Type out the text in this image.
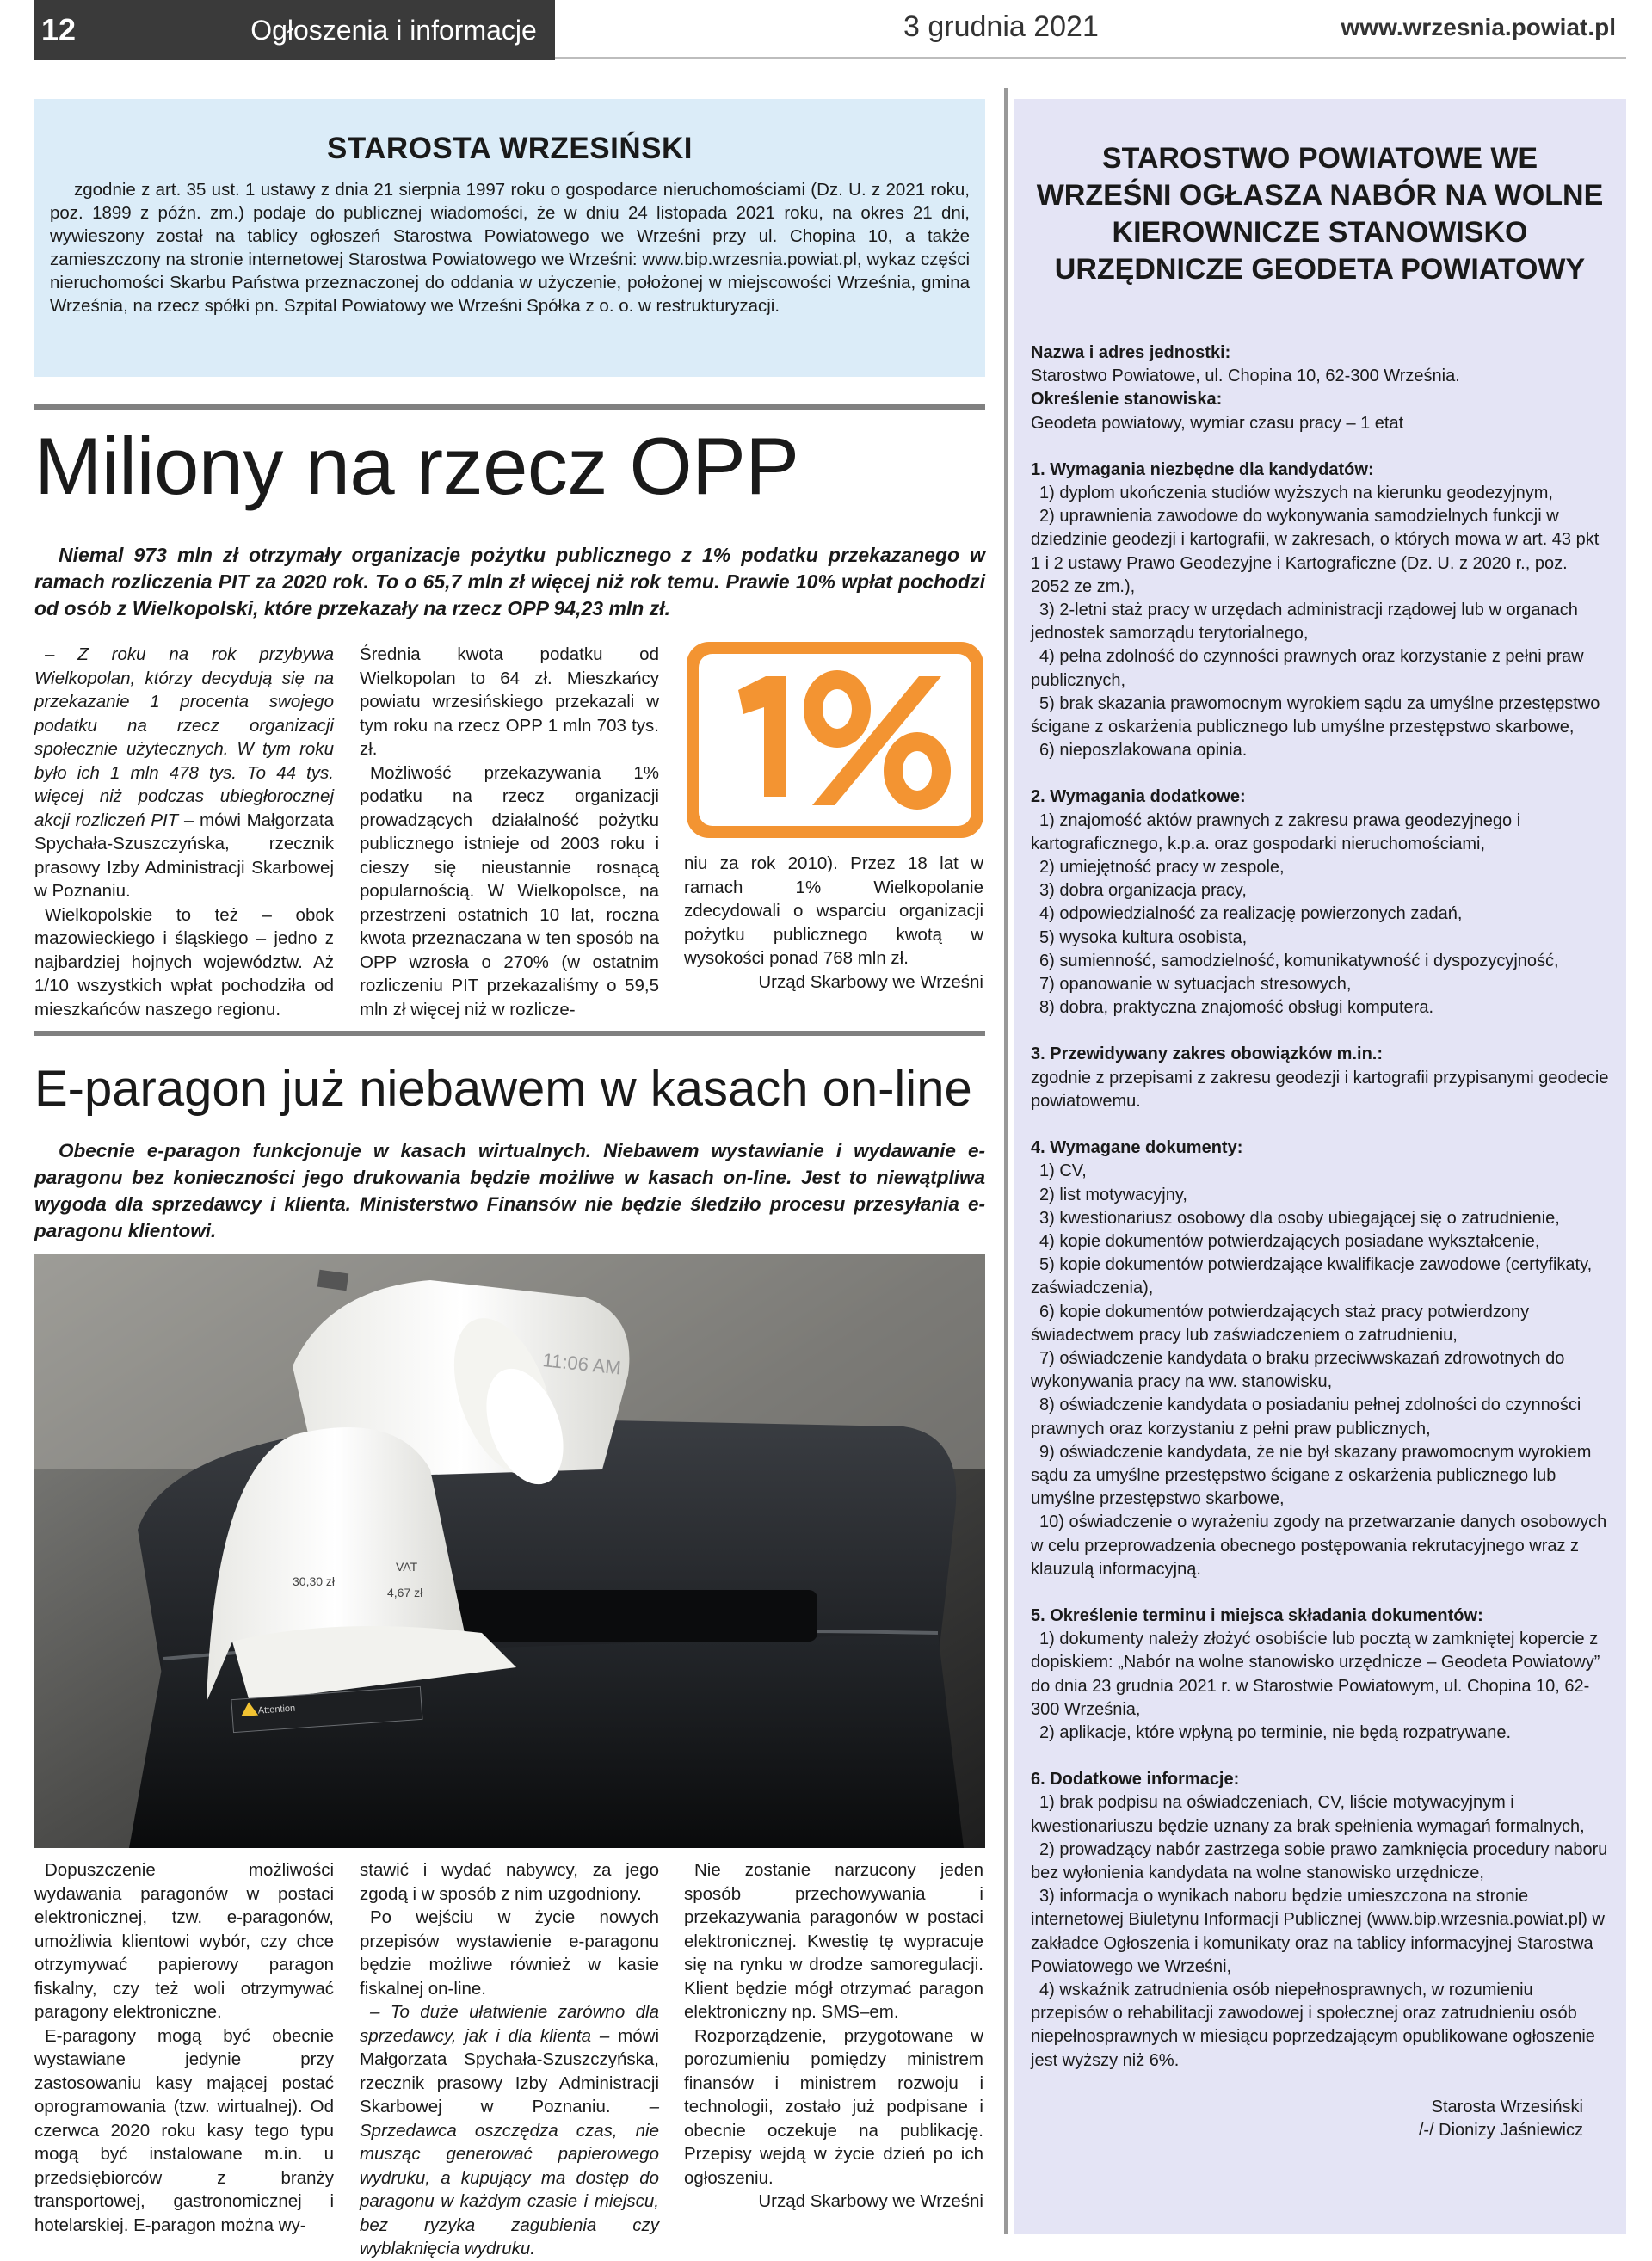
12	Ogłoszenia i informacje	3 grudnia 2021	www.wrzesnia.powiat.pl
STAROSTA WRZESIŃSKI

zgodnie z art. 35 ust. 1 ustawy z dnia 21 sierpnia 1997 roku o gospodarce nieruchomościami (Dz. U. z 2021 roku, poz. 1899 z późn. zm.) podaje do publicznej wiadomości, że w dniu 24 listopada 2021 roku, na okres 21 dni, wywieszony został na tablicy ogłoszeń Starostwa Powiatowego we Wrześni przy ul. Chopina 10, a także zamieszczony na stronie internetowej Starostwa Powiatowego we Wrześni: www.bip.wrzesnia.powiat.pl, wykaz części nieruchomości Skarbu Państwa przeznaczonej do oddania w użyczenie, położonej w miejscowości Września, gmina Września, na rzecz spółki pn. Szpital Powiatowy we Wrześni Spółka z o. o. w restrukturyzacji.

Miliony na rzecz OPP
Niemal 973 mln zł otrzymały organizacje pożytku publicznego z 1% podatku przekazanego w ramach rozliczenia PIT za 2020 rok. To o 65,7 mln zł więcej niż rok temu. Prawie 10% wpłat pochodzi od osób z Wielkopolski, które przekazały na rzecz OPP 94,23 mln zł.

– Z roku na rok przybywa Wielkopolan, którzy decydują się na przekazanie 1 procenta swojego podatku na rzecz organizacji społecznie użytecznych. W tym roku było ich 1 mln 478 tys. To 44 tys. więcej niż podczas ubiegłorocznej akcji rozliczeń PIT – mówi Małgorzata Spychała-Szuszczyńska, rzecznik prasowy Izby Administracji Skarbowej w Poznaniu.

Wielkopolskie to też – obok mazowieckiego i śląskiego – jedno z najbardziej hojnych województw. Aż 1/10 wszystkich wpłat pochodziła od mieszkańców naszego regionu.

Średnia kwota podatku od Wielkopolan to 64 zł. Mieszkańcy powiatu wrzesińskiego przekazali w tym roku na rzecz OPP 1 mln 703 tys. zł.

Możliwość przekazywania 1% podatku na rzecz organizacji prowadzących działalność pożytku publicznego istnieje od 2003 roku i cieszy się nieustannie rosnącą popularnością. W Wielkopolsce, na przestrzeni ostatnich 10 lat, roczna kwota przeznaczana w ten sposób na OPP wzrosła o 270% (w ostatnim rozliczeniu PIT przekazaliśmy o 59,5 mln zł więcej niż w rozlicze-

niu za rok 2010). Przez 18 lat w ramach 1% Wielkopolanie zdecydowali o wsparciu organizacji pożytku publicznego kwotą w wysokości ponad 768 mln zł.

Urząd Skarbowy we Wrześni

E-paragon już niebawem w kasach on-line
Obecnie e-paragon funkcjonuje w kasach wirtualnych. Niebawem wystawianie i wydawanie e-paragonu bez konieczności jego drukowania będzie możliwe w kasach on-line. Jest to niewątpliwa wygoda dla sprzedawcy i klienta. Ministerstwo Finansów nie będzie śledziło procesu przesyłania e-paragonu klientowi.
11:06 AM
30,30 zł
VAT
4,67 zł
Attention

Dopuszczenie możliwości wydawania paragonów w postaci elektronicznej, tzw. e-paragonów, umożliwia klientowi wybór, czy chce otrzymywać papierowy paragon fiskalny, czy też woli otrzymywać paragony elektroniczne.

E-paragony mogą być obecnie wystawiane jedynie przy zastosowaniu kasy mającej postać oprogramowania (tzw. wirtualnej). Od czerwca 2020 roku kasy tego typu mogą być instalowane m.in. u przedsiębiorców z branży transportowej, gastronomicznej i hotelarskiej. E-paragon można wy-

stawić i wydać nabywcy, za jego zgodą i w sposób z nim uzgodniony.

Po wejściu w życie nowych przepisów wystawienie e-paragonu będzie możliwe również w kasie fiskalnej on-line.

– To duże ułatwienie zarówno dla sprzedawcy, jak i dla klienta – mówi Małgorzata Spychała-Szuszczyńska, rzecznik prasowy Izby Administracji Skarbowej w Poznaniu. – Sprzedawca oszczędza czas, nie musząc generować papierowego wydruku, a kupujący ma dostęp do paragonu w każdym czasie i miejscu, bez ryzyka zagubienia czy wyblaknięcia wydruku.

Nie zostanie narzucony jeden sposób przechowywania i przekazywania paragonów w postaci elektronicznej. Kwestię tę wypracuje się na rynku w drodze samoregulacji. Klient będzie mógł otrzymać paragon elektroniczny np. SMS–em.

Rozporządzenie, przygotowane w porozumieniu pomiędzy ministrem finansów i ministrem rozwoju i technologii, zostało już podpisane i obecnie oczekuje na publikację. Przepisy wejdą w życie dzień po ich ogłoszeniu.

Urząd Skarbowy we Wrześni

STAROSTWO POWIATOWE WE WRZEŚNI OGŁASZA NABÓR NA WOLNE KIEROWNICZE STANOWISKO URZĘDNICZE GEODETA POWIATOWY
Nazwa i adres jednostki:
Starostwo Powiatowe, ul. Chopina 10, 62-300 Września.
Określenie stanowiska:
Geodeta powiatowy, wymiar czasu pracy – 1 etat
1. Wymagania niezbędne dla kandydatów:
1) dyplom ukończenia studiów wyższych na kierunku geodezyjnym,
2) uprawnienia zawodowe do wykonywania samodzielnych funkcji w dziedzinie geodezji i kartografii, w zakresach, o których mowa w art. 43 pkt 1 i 2 ustawy Prawo Geodezyjne i Kartograficzne (Dz. U. z 2020 r., poz. 2052 ze zm.),
3) 2-letni staż pracy w urzędach administracji rządowej lub w organach jednostek samorządu terytorialnego,
4) pełna zdolność do czynności prawnych oraz korzystanie z pełni praw publicznych,
5) brak skazania prawomocnym wyrokiem sądu za umyślne przestępstwo ścigane z oskarżenia publicznego lub umyślne przestępstwo skarbowe,
6) nieposzlakowana opinia.
2. Wymagania dodatkowe:
1) znajomość aktów prawnych z zakresu prawa geodezyjnego i kartograficznego, k.p.a. oraz gospodarki nieruchomościami,
2) umiejętność pracy w zespole,
3) dobra organizacja pracy,
4) odpowiedzialność za realizację powierzonych zadań,
5) wysoka kultura osobista,
6) sumienność, samodzielność, komunikatywność i dyspozycyjność,
7) opanowanie w sytuacjach stresowych,
8) dobra, praktyczna znajomość obsługi komputera.
3. Przewidywany zakres obowiązków m.in.:
zgodnie z przepisami z zakresu geodezji i kartografii przypisanymi geodecie powiatowemu.
4. Wymagane dokumenty:
1) CV,
2) list motywacyjny,
3) kwestionariusz osobowy dla osoby ubiegającej się o zatrudnienie,
4) kopie dokumentów potwierdzających posiadane wykształcenie,
5) kopie dokumentów potwierdzające kwalifikacje zawodowe (certyfikaty, zaświadczenia),
6) kopie dokumentów potwierdzających staż pracy potwierdzony świadectwem pracy lub zaświadczeniem o zatrudnieniu,
7) oświadczenie kandydata o braku przeciwwskazań zdrowotnych do wykonywania pracy na ww. stanowisku,
8) oświadczenie kandydata o posiadaniu pełnej zdolności do czynności prawnych oraz korzystaniu z pełni praw publicznych,
9) oświadczenie kandydata, że nie był skazany prawomocnym wyrokiem sądu za umyślne przestępstwo ścigane z oskarżenia publicznego lub umyślne przestępstwo skarbowe,
10) oświadczenie o wyrażeniu zgody na przetwarzanie danych osobowych w celu przeprowadzenia obecnego postępowania rekrutacyjnego wraz z klauzulą informacyjną.
5. Określenie terminu i miejsca składania dokumentów:
1) dokumenty należy złożyć osobiście lub pocztą w zamkniętej kopercie z dopiskiem: „Nabór na wolne stanowisko urzędnicze – Geodeta Powiatowy” do dnia 23 grudnia 2021 r. w Starostwie Powiatowym, ul. Chopina 10, 62-300 Września,
2) aplikacje, które wpłyną po terminie, nie będą rozpatrywane.
6. Dodatkowe informacje:
1) brak podpisu na oświadczeniach, CV, liście motywacyjnym i kwestionariuszu będzie uznany za brak spełnienia wymagań formalnych,
2) prowadzący nabór zastrzega sobie prawo zamknięcia procedury naboru bez wyłonienia kandydata na wolne stanowisko urzędnicze,
3) informacja o wynikach naboru będzie umieszczona na stronie internetowej Biuletynu Informacji Publicznej (www.bip.wrzesnia.powiat.pl) w zakładce Ogłoszenia i komunikaty oraz na tablicy informacyjnej Starostwa Powiatowego we Wrześni,
4) wskaźnik zatrudnienia osób niepełnosprawnych, w rozumieniu przepisów o rehabilitacji zawodowej i społecznej oraz zatrudnieniu osób niepełnosprawnych w miesiącu poprzedzającym opublikowane ogłoszenie jest wyższy niż 6%.
Starosta Wrzesiński
/-/ Dionizy Jaśniewicz
